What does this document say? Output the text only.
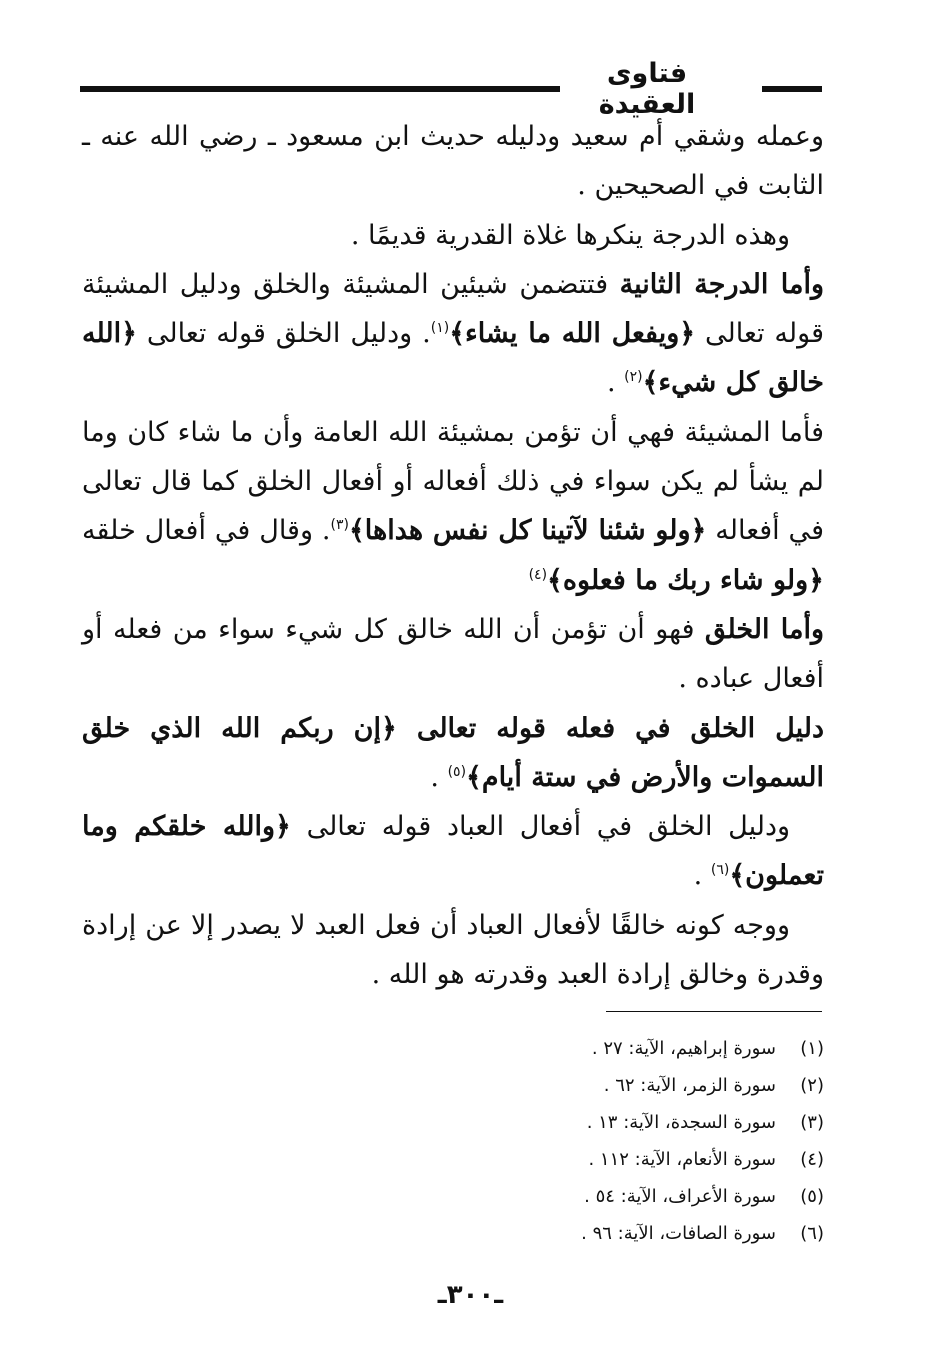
فتاوى العقيدة

وعمله وشقي أم سعيد ودليله حديث ابن مسعود ـ رضي الله عنه ـ الثابت في الصحيحين .

وهذه الدرجة ينكرها غلاة القدرية قديمًا .

وأما الدرجة الثانية فتتضمن شيئين المشيئة والخلق ودليل المشيئة قوله تعالى ﴿ويفعل الله ما يشاء﴾$^{(١)}$. ودليل الخلق قوله تعالى ﴿الله خالق كل شيء﴾$^{(٢)}$ .

فأما المشيئة فهي أن تؤمن بمشيئة الله العامة وأن ما شاء كان وما لم يشأ لم يكن سواء في ذلك أفعاله أو أفعال الخلق كما قال تعالى في أفعاله ﴿ولو شئنا لآتينا كل نفس هداها﴾$^{(٣)}$. وقال في أفعال خلقه ﴿ولو شاء ربك ما فعلوه﴾$^{(٤)}$

وأما الخلق فهو أن تؤمن أن الله خالق كل شيء سواء من فعله أو أفعال عباده .

دليل الخلق في فعله قوله تعالى ﴿إن ربكم الله الذي خلق السموات والأرض في ستة أيام﴾$^{(٥)}$ .

ودليل الخلق في أفعال العباد قوله تعالى ﴿والله خلقكم وما تعملون﴾$^{(٦)}$ .

ووجه كونه خالقًا لأفعال العباد أن فعل العبد لا يصدر إلا عن إرادة وقدرة وخالق إرادة العبد وقدرته هو الله .

(١)
سورة إبراهيم، الآية: ٢٧ .
(٢)
سورة الزمر، الآية: ٦٢ .
(٣)
سورة السجدة، الآية: ١٣ .
(٤)
سورة الأنعام، الآية: ١١٢ .
(٥)
سورة الأعراف، الآية: ٥٤ .
(٦)
سورة الصافات، الآية: ٩٦ .
ـ٣٠٠ـ
